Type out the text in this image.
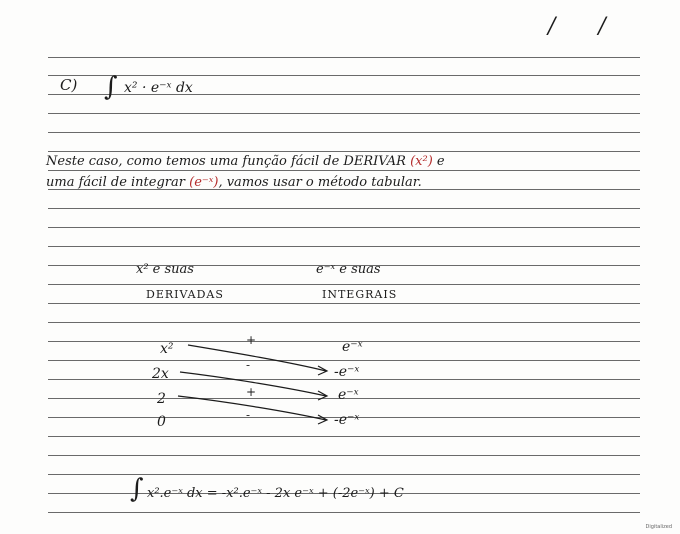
/ /
C) ∫ x² · e⁻ˣ dx
Neste caso, como temos uma função fácil de DERIVAR (x²) e
uma fácil de integrar (e⁻ˣ), vamos usar o método tabular.
x² e suas
DERIVADAS
e⁻ˣ e suas
INTEGRAIS
x²
2x
2
0
+
-
+
-
e⁻ˣ
-e⁻ˣ
e⁻ˣ
-e⁻ˣ
∫ x².e⁻ˣ dx = -x².e⁻ˣ - 2x e⁻ˣ + (-2e⁻ˣ) + C
Digitalized
